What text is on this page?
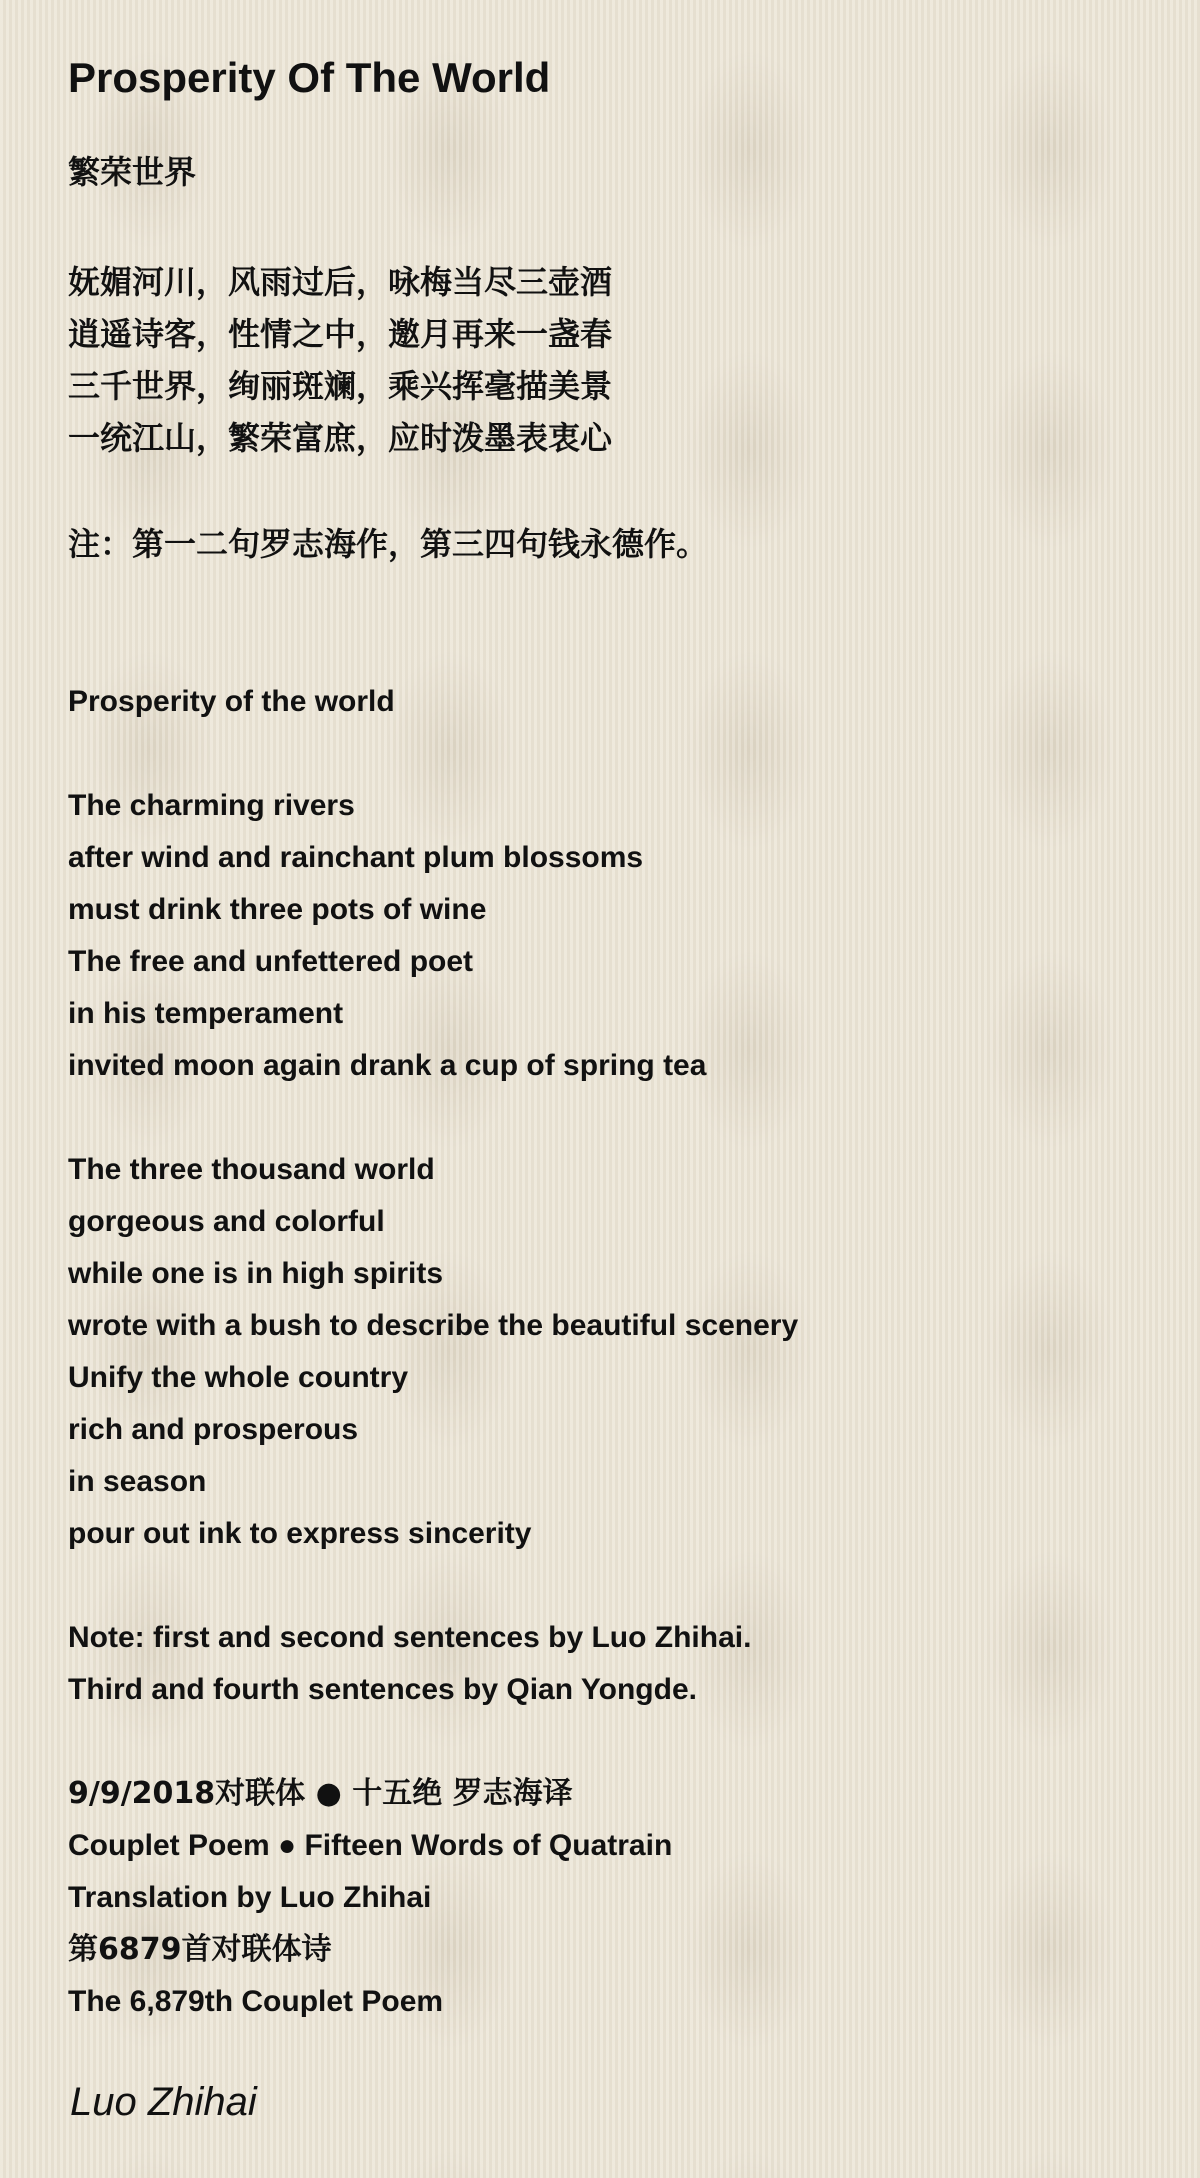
Prosperity Of The World
繁荣世界
妩媚河川，风雨过后，咏梅当尽三壶酒
逍遥诗客，性情之中，邀月再来一盏春
三千世界，绚丽斑斓，乘兴挥毫描美景
一统江山，繁荣富庶，应时泼墨表衷心
注：第一二句罗志海作，第三四句钱永德作。
Prosperity of the world
The charming rivers
after wind and rainchant plum blossoms
must drink three pots of wine
The free and unfettered poet
in his temperament
invited moon again drank a cup of spring tea
The three thousand world
gorgeous and colorful
while one is in high spirits
wrote with a bush to describe the beautiful scenery
Unify the whole country
rich and prosperous
in season
pour out ink to express sincerity
Note: first and second sentences by Luo Zhihai.
Third and fourth sentences by Qian Yongde.
9/9/2018对联体 ● 十五绝 罗志海译
Couplet Poem ● Fifteen Words of Quatrain
Translation by Luo Zhihai
第6879首对联体诗
The 6,879th Couplet Poem
Luo Zhihai
